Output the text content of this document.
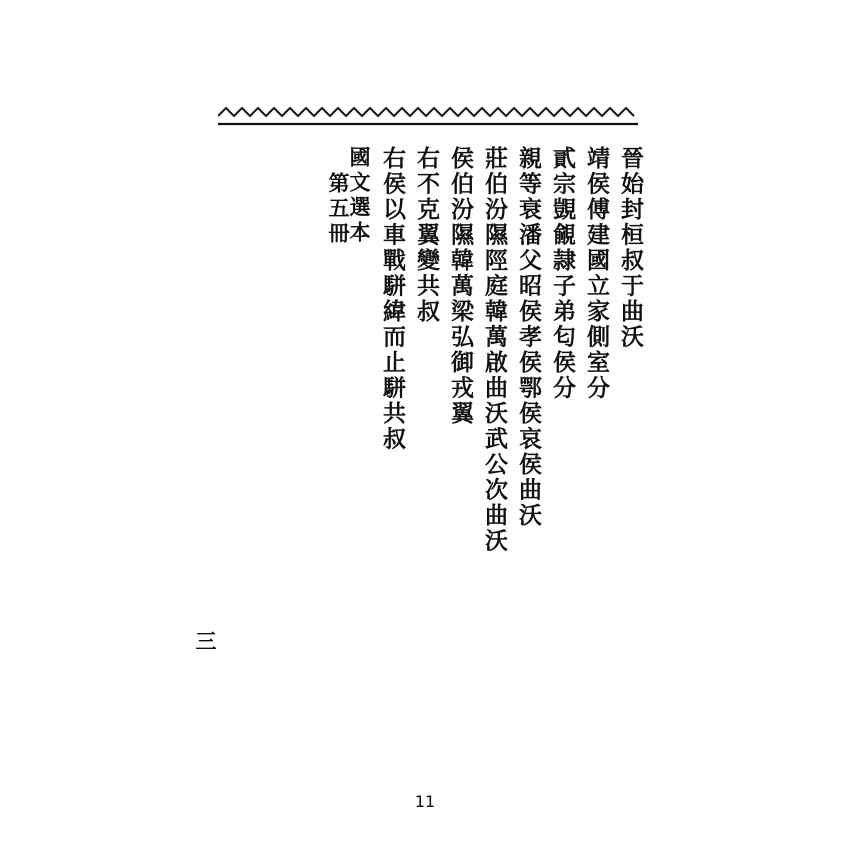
晉始封桓叔于曲沃
靖侯傅建國立家側室分
貳宗覬覦隷子弟匂侯分
親等衰潘父昭侯孝侯鄂侯哀侯曲沃
莊伯汾隰陘庭韓萬啟曲沃武公次曲沃
侯伯汾隰韓萬梁弘御戎翼
右不克翼變共叔
右侯以車戰駢緯而止駢共叔
國文選本
第五冊
三
11
